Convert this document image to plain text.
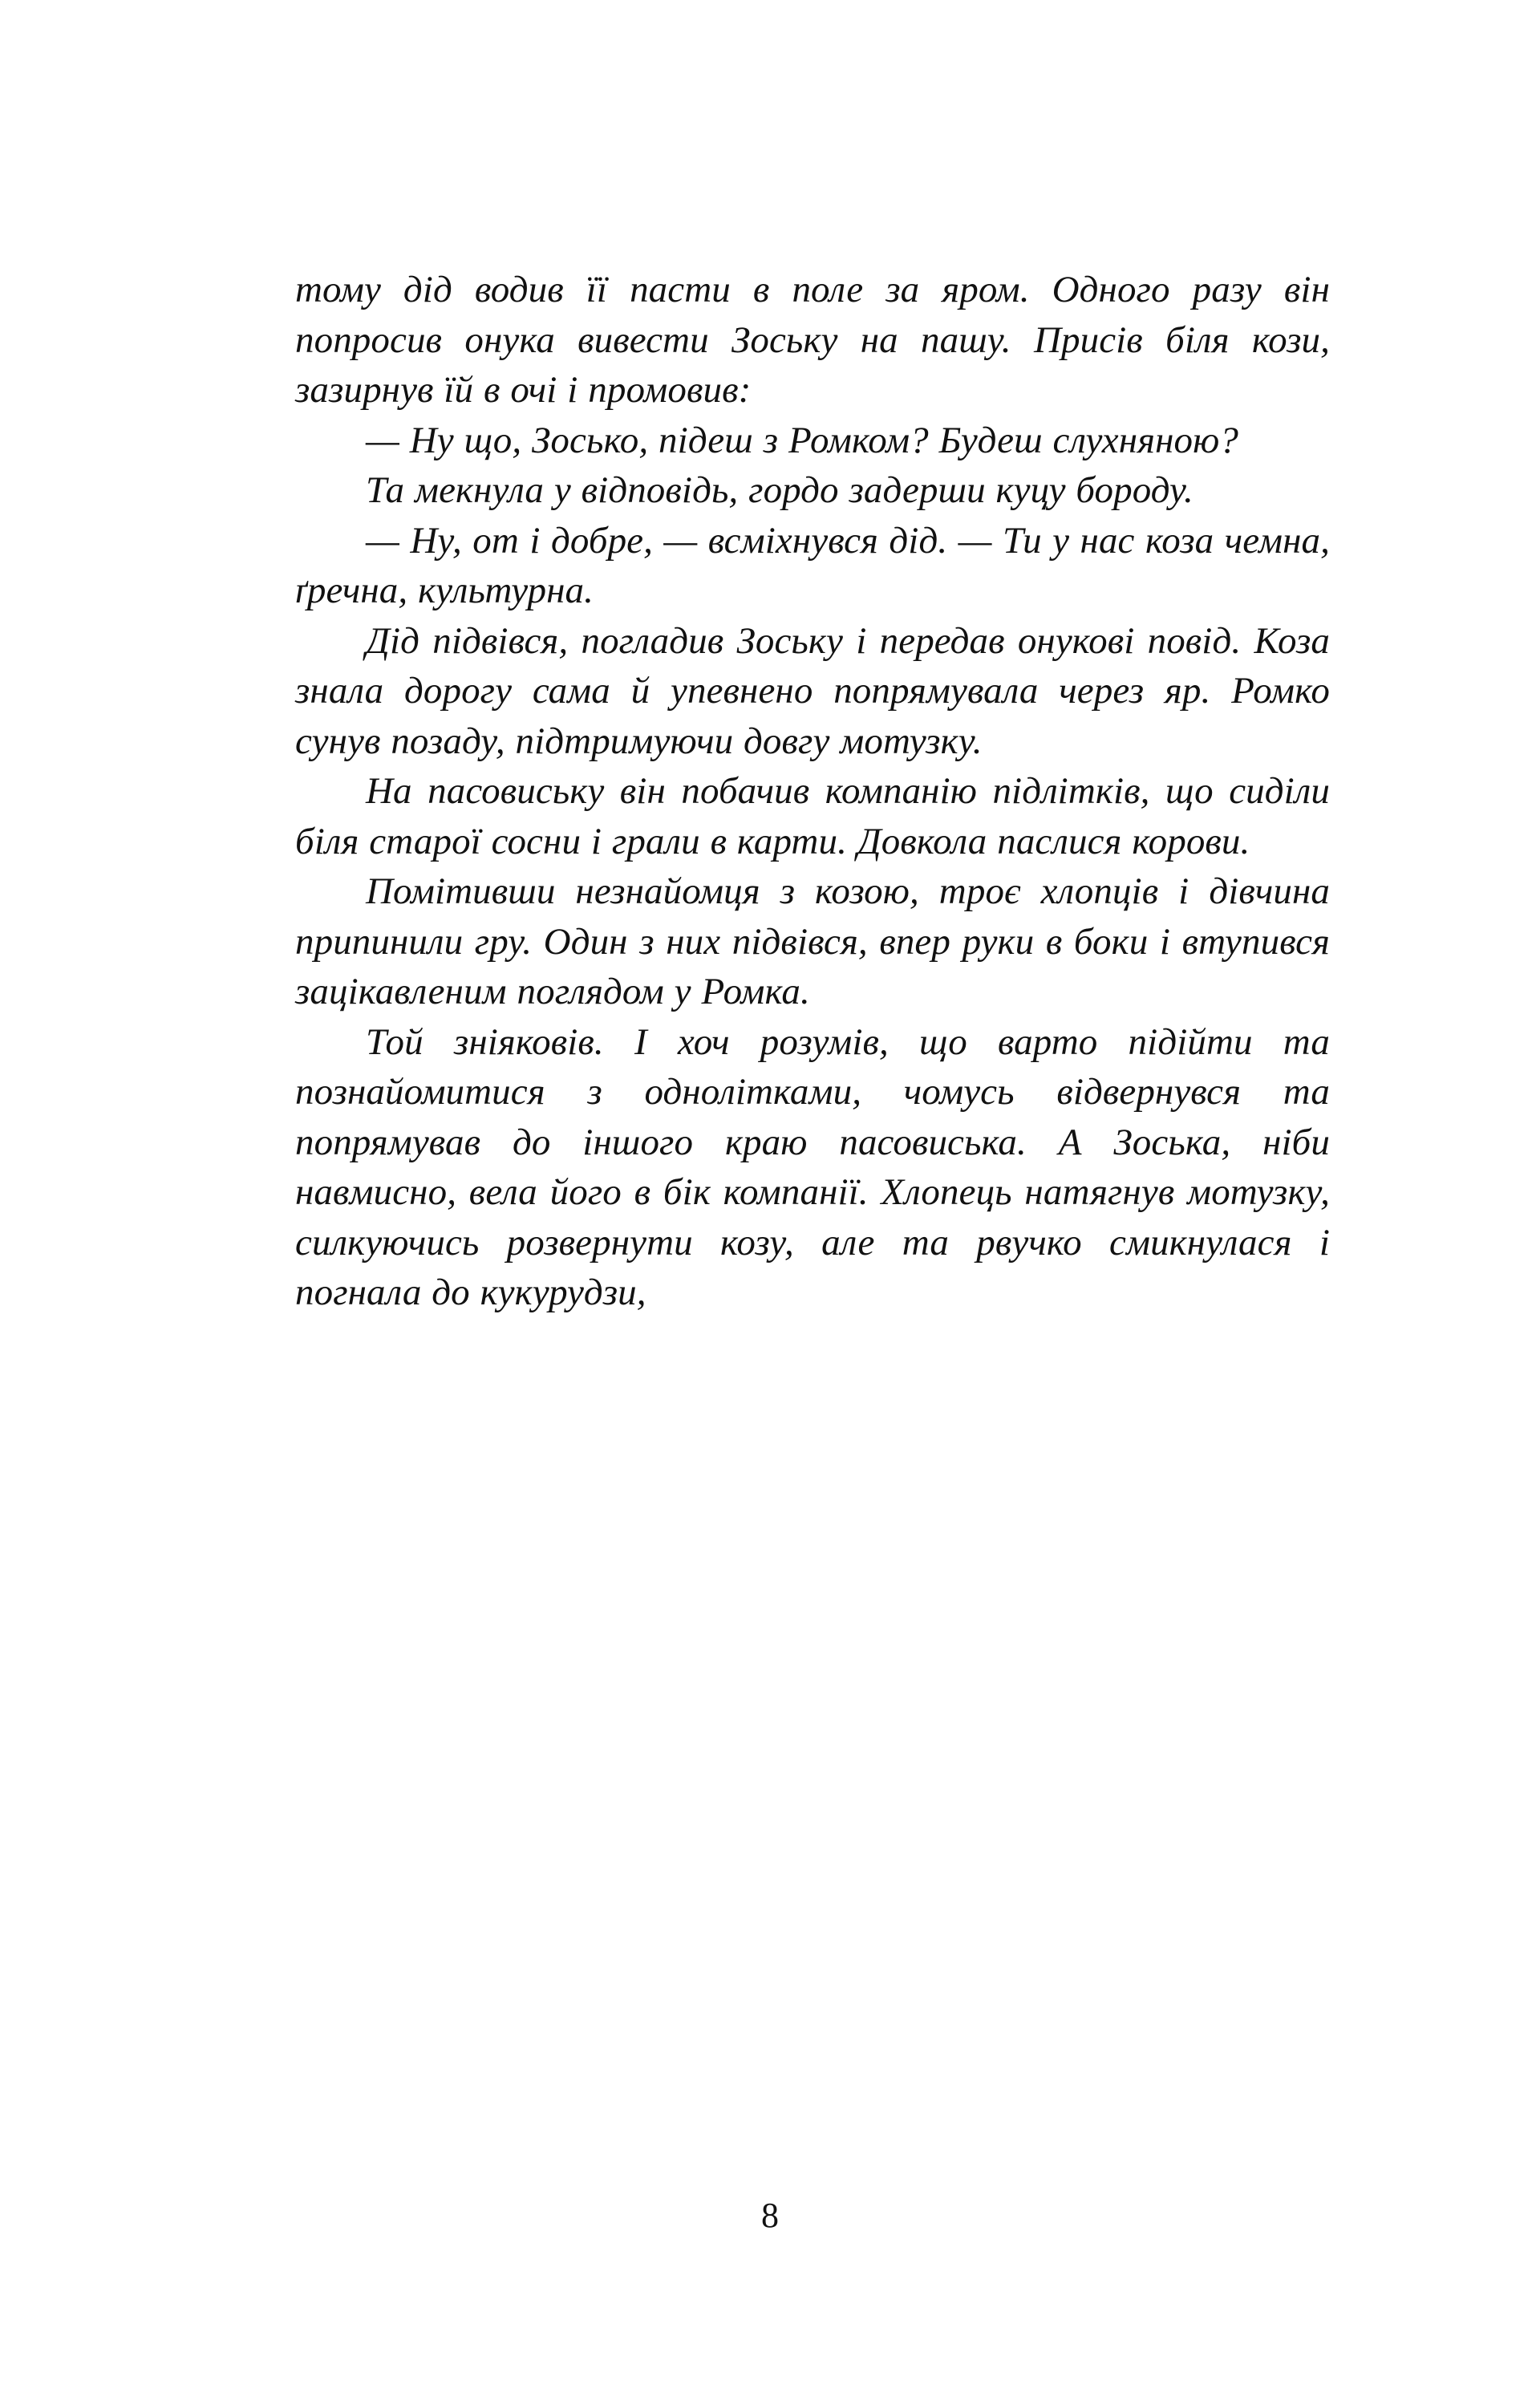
тому дід водив її пасти в поле за яром. Одного разу він попросив онука вивести Зоську на пашу. Присів біля кози, зазирнув їй в очі і промовив:

— Ну що, Зосько, підеш з Ромком? Будеш слухняною?

Та мекнула у відповідь, гордо задерши куцу бороду.

— Ну, от і добре, — всміхнувся дід. — Ти у нас коза чемна, ґречна, культурна.

Дід підвівся, погладив Зоську і передав онукові повід. Коза знала дорогу сама й упевнено попрямувала через яр. Ромко сунув позаду, підтримуючи довгу мотузку.

На пасовиську він побачив компанію підлітків, що сиділи біля старої сосни і грали в карти. Довкола паслися корови.

Помітивши незнайомця з козою, троє хлопців і дівчина припинили гру. Один з них підвівся, впер руки в боки і втупився зацікавленим поглядом у Ромка.

Той зніяковів. І хоч розумів, що варто підійти та познайомитися з однолітками, чомусь відвернувся та попрямував до іншого краю пасовиська. А Зоська, ніби навмисно, вела його в бік компанії. Хлопець натягнув мотузку, силкуючись розвернути козу, але та рвучко смикнулася і погнала до кукурудзи,

8
